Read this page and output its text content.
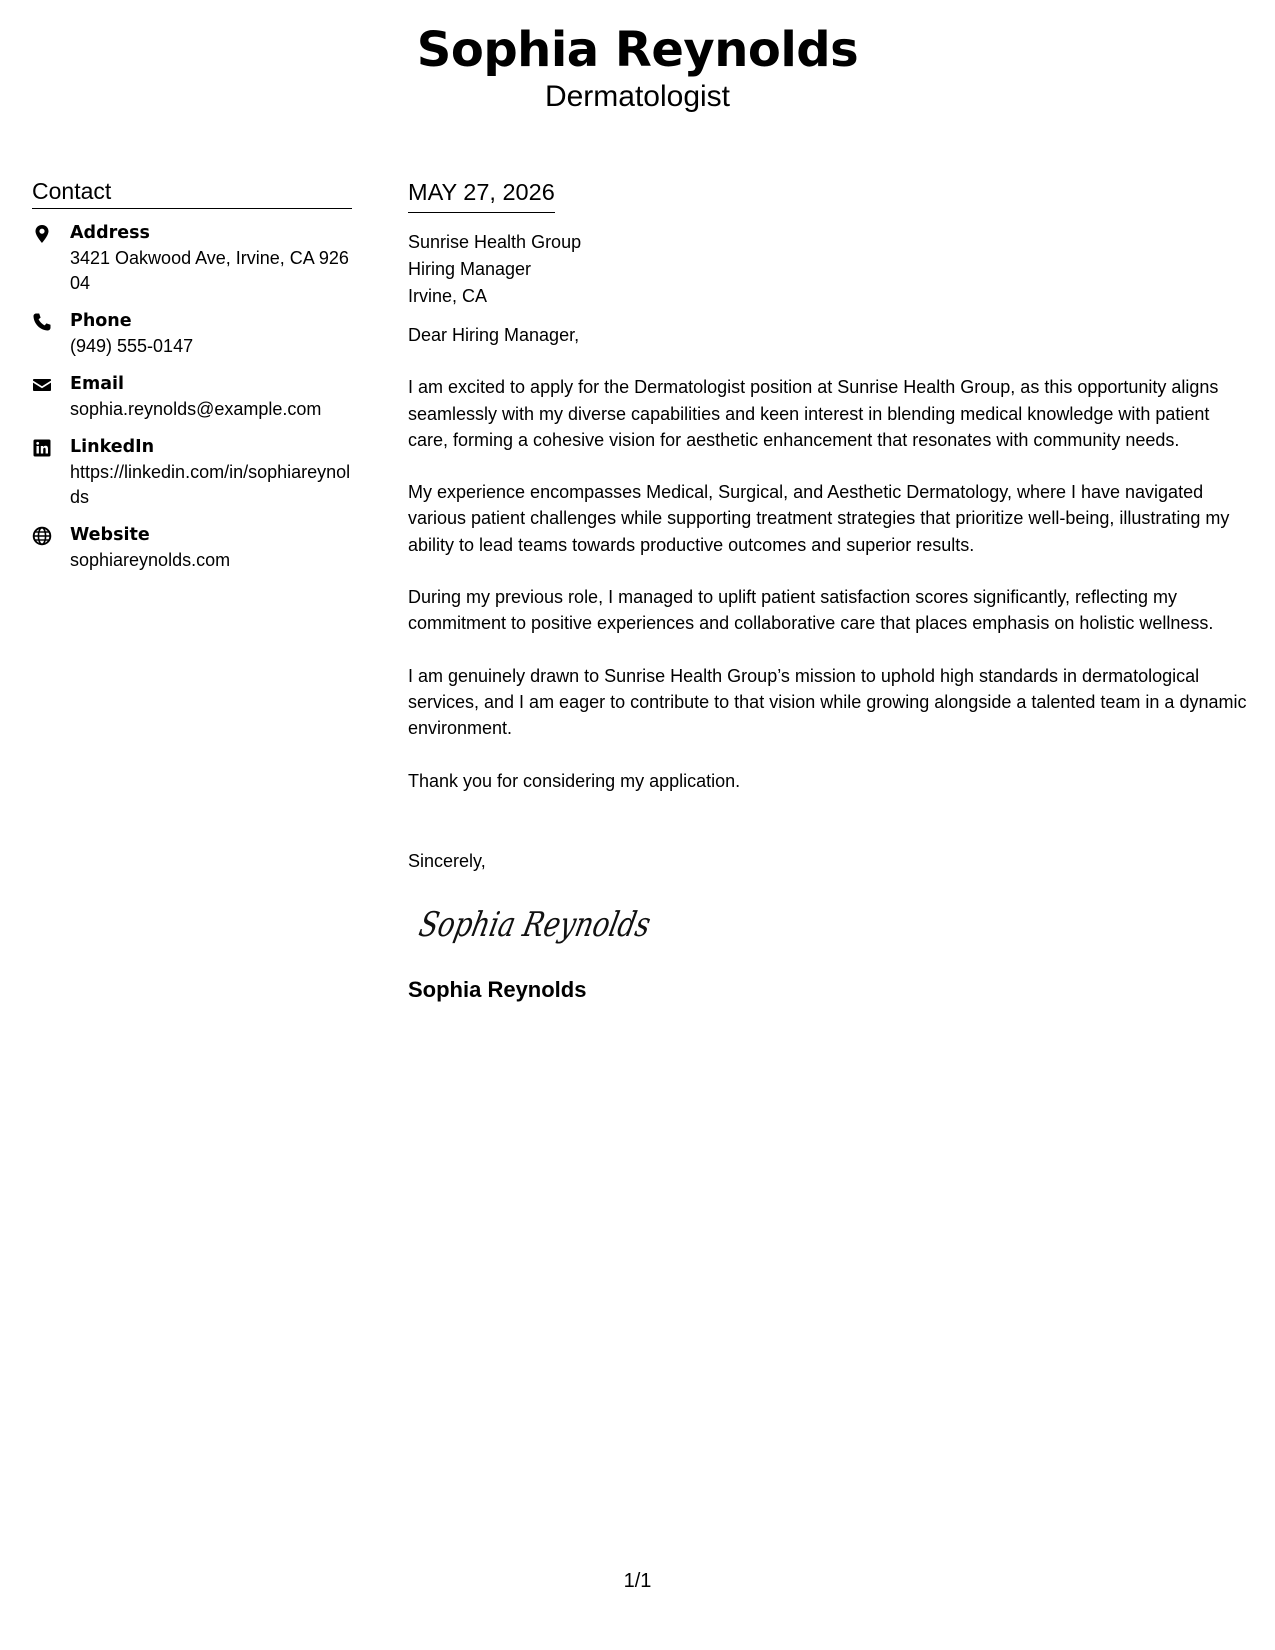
Sophia Reynolds
Dermatologist
Contact
Address
3421 Oakwood Ave, Irvine, CA 92604
Phone
(949) 555-0147
Email
sophia.reynolds@example.com
LinkedIn
https://linkedin.com/in/sophiareynolds
Website
sophiareynolds.com
MAY 27, 2026
Sunrise Health Group
Hiring Manager
Irvine, CA
Dear Hiring Manager,
I am excited to apply for the Dermatologist position at Sunrise Health Group, as this opportunity aligns seamlessly with my diverse capabilities and keen interest in blending medical knowledge with patient care, forming a cohesive vision for aesthetic enhancement that resonates with community needs.
My experience encompasses Medical, Surgical, and Aesthetic Dermatology, where I have navigated various patient challenges while supporting treatment strategies that prioritize well-being, illustrating my ability to lead teams towards productive outcomes and superior results.
During my previous role, I managed to uplift patient satisfaction scores significantly, reflecting my commitment to positive experiences and collaborative care that places emphasis on holistic wellness.
I am genuinely drawn to Sunrise Health Group’s mission to uphold high standards in dermatological services, and I am eager to contribute to that vision while growing alongside a talented team in a dynamic environment.
Thank you for considering my application.
Sincerely,
Sophia Reynolds
Sophia Reynolds
1/1
